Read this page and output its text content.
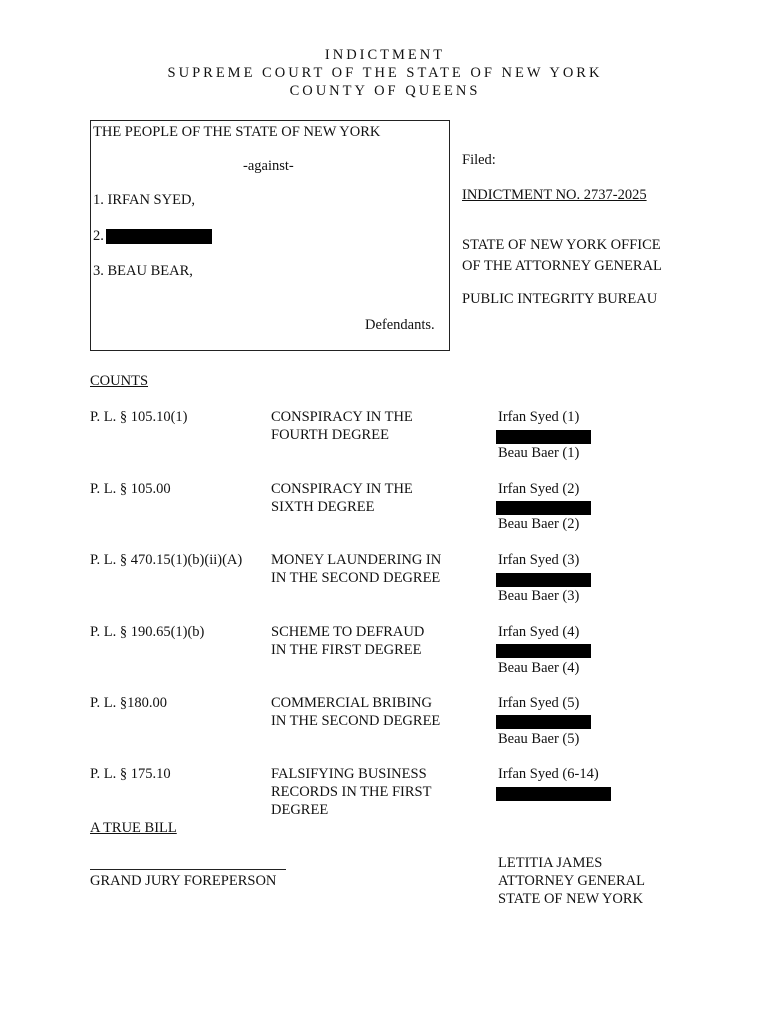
INDICTMENT
SUPREME COURT OF THE STATE OF NEW YORK
COUNTY OF QUEENS
THE PEOPLE OF THE STATE OF NEW YORK
-against-
1. IRFAN SYED,
2.
3. BEAU BEAR,
Defendants.
Filed:
INDICTMENT NO. 2737-2025
STATE OF NEW YORK OFFICE
OF THE ATTORNEY GENERAL
PUBLIC INTEGRITY BUREAU
COUNTS
P. L. § 105.10(1)	CONSPIRACY IN THE
FOURTH DEGREE
Irfan Syed (1)
Beau Baer (1)
P. L. § 105.00	CONSPIRACY IN THE
SIXTH DEGREE
Irfan Syed (2)
Beau Baer (2)
P. L. § 470.15(1)(b)(ii)(A) MONEY LAUNDERING IN
IN THE SECOND DEGREE
Irfan Syed (3)
Beau Baer (3)
P. L. § 190.65(1)(b)	SCHEME TO DEFRAUD
IN THE FIRST DEGREE
Irfan Syed (4)
Beau Baer (4)
P. L. §180.00	COMMERCIAL BRIBING
IN THE SECOND DEGREE
Irfan Syed (5)
Beau Baer (5)
P. L. § 175.10	FALSIFYING BUSINESS
RECORDS IN THE FIRST
DEGREE
Irfan Syed (6-14)
A TRUE BILL
GRAND JURY FOREPERSON
LETITIA JAMES
ATTORNEY GENERAL
STATE OF NEW YORK
